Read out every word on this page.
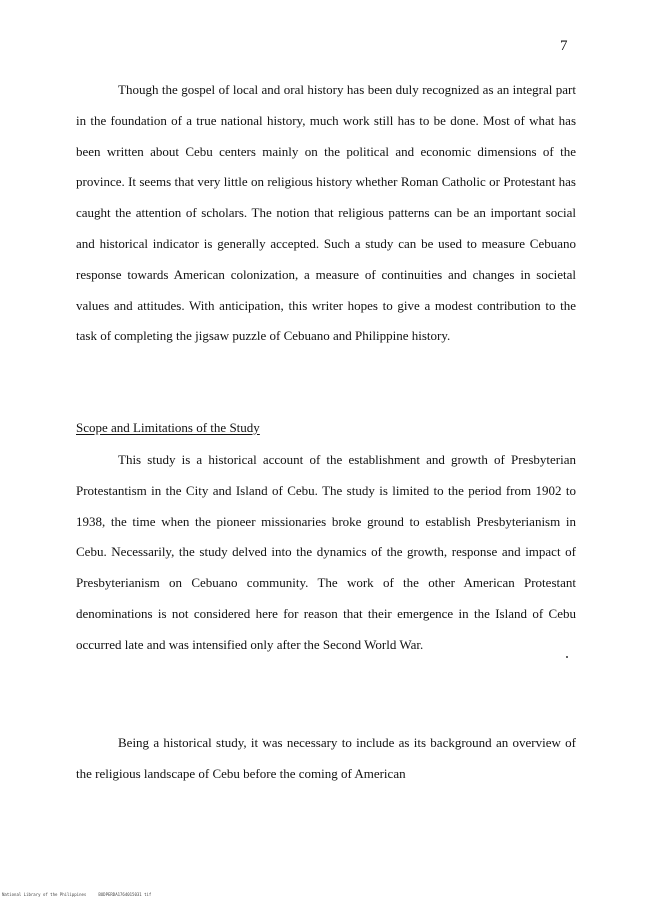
7

Though the gospel of local and oral history has been duly recognized as an integral part in the foundation of a true national history, much work still has to be done. Most of what has been written about Cebu centers mainly on the political and economic dimensions of the province. It seems that very little on religious history whether Roman Catholic or Protestant has caught the attention of scholars. The notion that religious patterns can be an important social and historical indicator is generally accepted. Such a study can be used to measure Cebuano response towards American colonization, a measure of continuities and changes in societal values and attitudes. With anticipation, this writer hopes to give a modest contribution to the task of completing the jigsaw puzzle of Cebuano and Philippine history.

Scope and Limitations of the Study

This study is a historical account of the establishment and growth of Presbyterian Protestantism in the City and Island of Cebu. The study is limited to the period from 1902 to 1938, the time when the pioneer missionaries broke ground to establish Presbyterianism in Cebu. Necessarily, the study delved into the dynamics of the growth, response and impact of Presbyterianism on Cebuano community. The work of the other American Protestant denominations is not considered here for reason that their emergence in the Island of Cebu occurred late and was intensified only after the Second World War.

Being a historical study, it was necessary to include as its background an overview of the religious landscape of Cebu before the coming of American

National Library of the Philippines	BUDPERDA1764015031 tif
